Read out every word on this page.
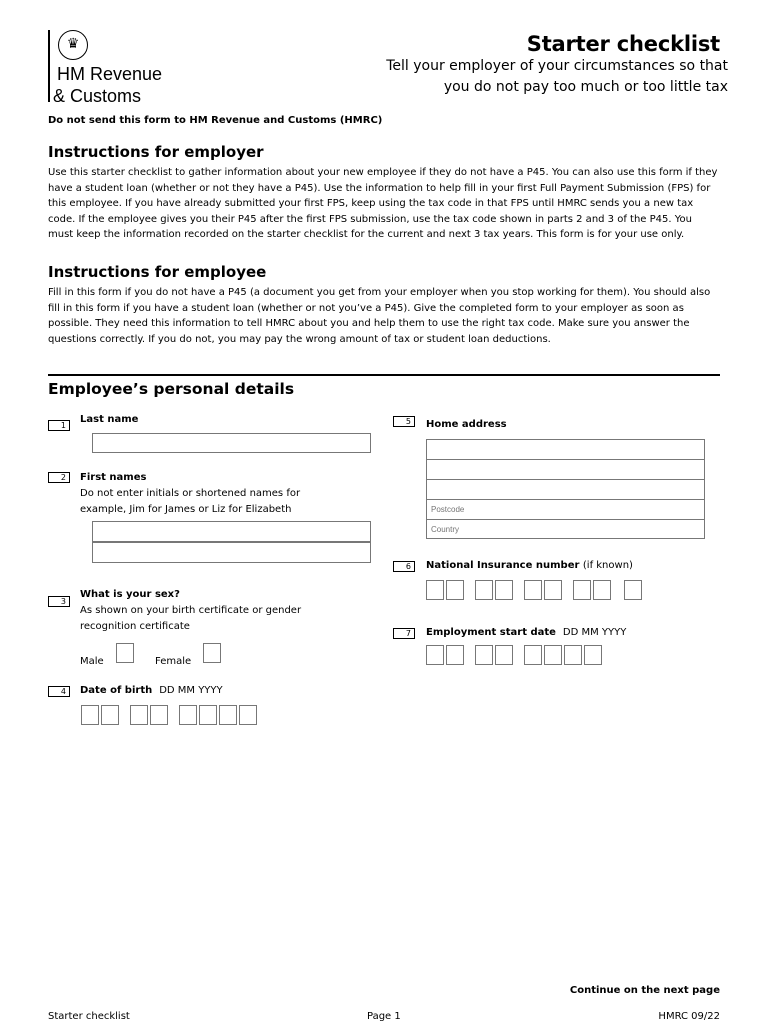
♛
HM Revenue
& Customs
Starter checklist
Tell your employer of your circumstances so that you do not pay too much or too little tax
Do not send this form to HM Revenue and Customs (HMRC)
Instructions for employer
Use this starter checklist to gather information about your new employee if they do not have a P45. You can also use this form if they have a student loan (whether or not they have a P45). Use the information to help fill in your first Full Payment Submission (FPS) for this employee. If you have already submitted your first FPS, keep using the tax code in that FPS until HMRC sends you a new tax code. If the employee gives you their P45 after the first FPS submission, use the tax code shown in parts 2 and 3 of the P45. You must keep the information recorded on the starter checklist for the current and next 3 tax years. This form is for your use only.
Instructions for employee
Fill in this form if you do not have a P45 (a document you get from your employer when you stop working for them). You should also fill in this form if you have a student loan (whether or not you’ve a P45). Give the completed form to your employer as soon as possible. They need this information to tell HMRC about you and help them to use the right tax code. Make sure you answer the questions correctly. If you do not, you may pay the wrong amount of tax or student loan deductions.
Employee’s personal details
1
Last name
2	First names
Do not enter initials or shortened names for example, Jim for James or Liz for Elizabeth
3
What is your sex?
As shown on your birth certificate or gender recognition certificate
Male	Female
4	Date of birth DD MM YYYY
5	Home address
Postcode
Country
6	National Insurance number (if known)
7	Employment start date DD MM YYYY
Continue on the next page
Starter checklist	Page 1	HMRC 09/22
